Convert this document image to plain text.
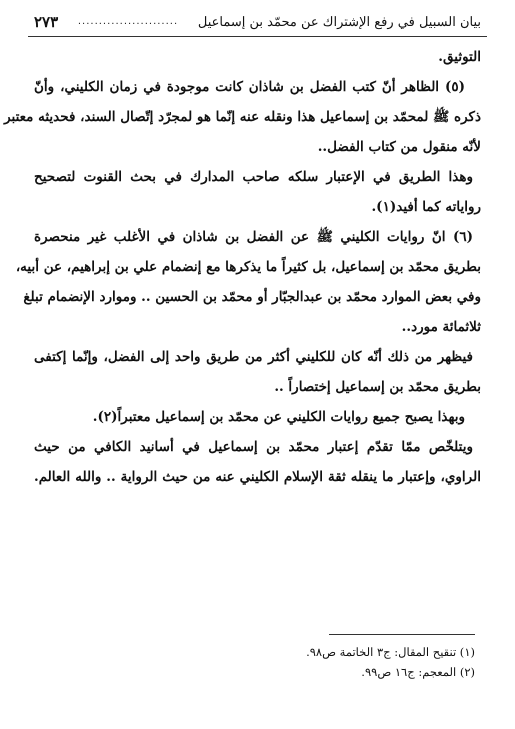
بيان السبيل في رفع الإشتراك عن محمّد بن إسماعيل
........................
٢٧٣
التوثيق.
(٥) الظاهر أنّ كتب الفضل بن شاذان كانت موجودة في زمان الكليني، وأنّ
ذكره ﷺ لمحمّد بن إسماعيل هذا ونقله عنه إنّما هو لمجرّد إتّصال السند، فحديثه معتبر
لأنّه منقول من كتاب الفضل..
وهذا الطريق في الإعتبار سلكه صاحب المدارك في بحث القنوت لتصحيح
رواياته كما أفيد(١).
(٦) انّ روايات الكليني ﷺ عن الفضل بن شاذان في الأغلب غير منحصرة
بطريق محمّد بن إسماعيل، بل كثيراً ما يذكرها مع إنضمام علي بن إبراهيم، عن أبيه،
وفي بعض الموارد محمّد بن عبدالجبّار أو محمّد بن الحسين .. وموارد الإنضمام تبلغ
ثلاثمائة مورد..
فيظهر من ذلك أنّه كان للكليني أكثر من طريق واحد إلى الفضل، وإنّما إكتفى
بطريق محمّد بن إسماعيل إختصاراً ..
وبهذا يصبح جميع روايات الكليني عن محمّد بن إسماعيل معتبراً(٢).
ويتلخّص ممّا تقدّم إعتبار محمّد بن إسماعيل في أسانيد الكافي من حيث
الراوي، وإعتبار ما ينقله ثقة الإسلام الكليني عنه من حيث الرواية .. والله العالم.
(١) تنقيح المقال: ج٣ الخاتمة ص٩٨.
(٢) المعجم: ج١٦ ص٩٩.
